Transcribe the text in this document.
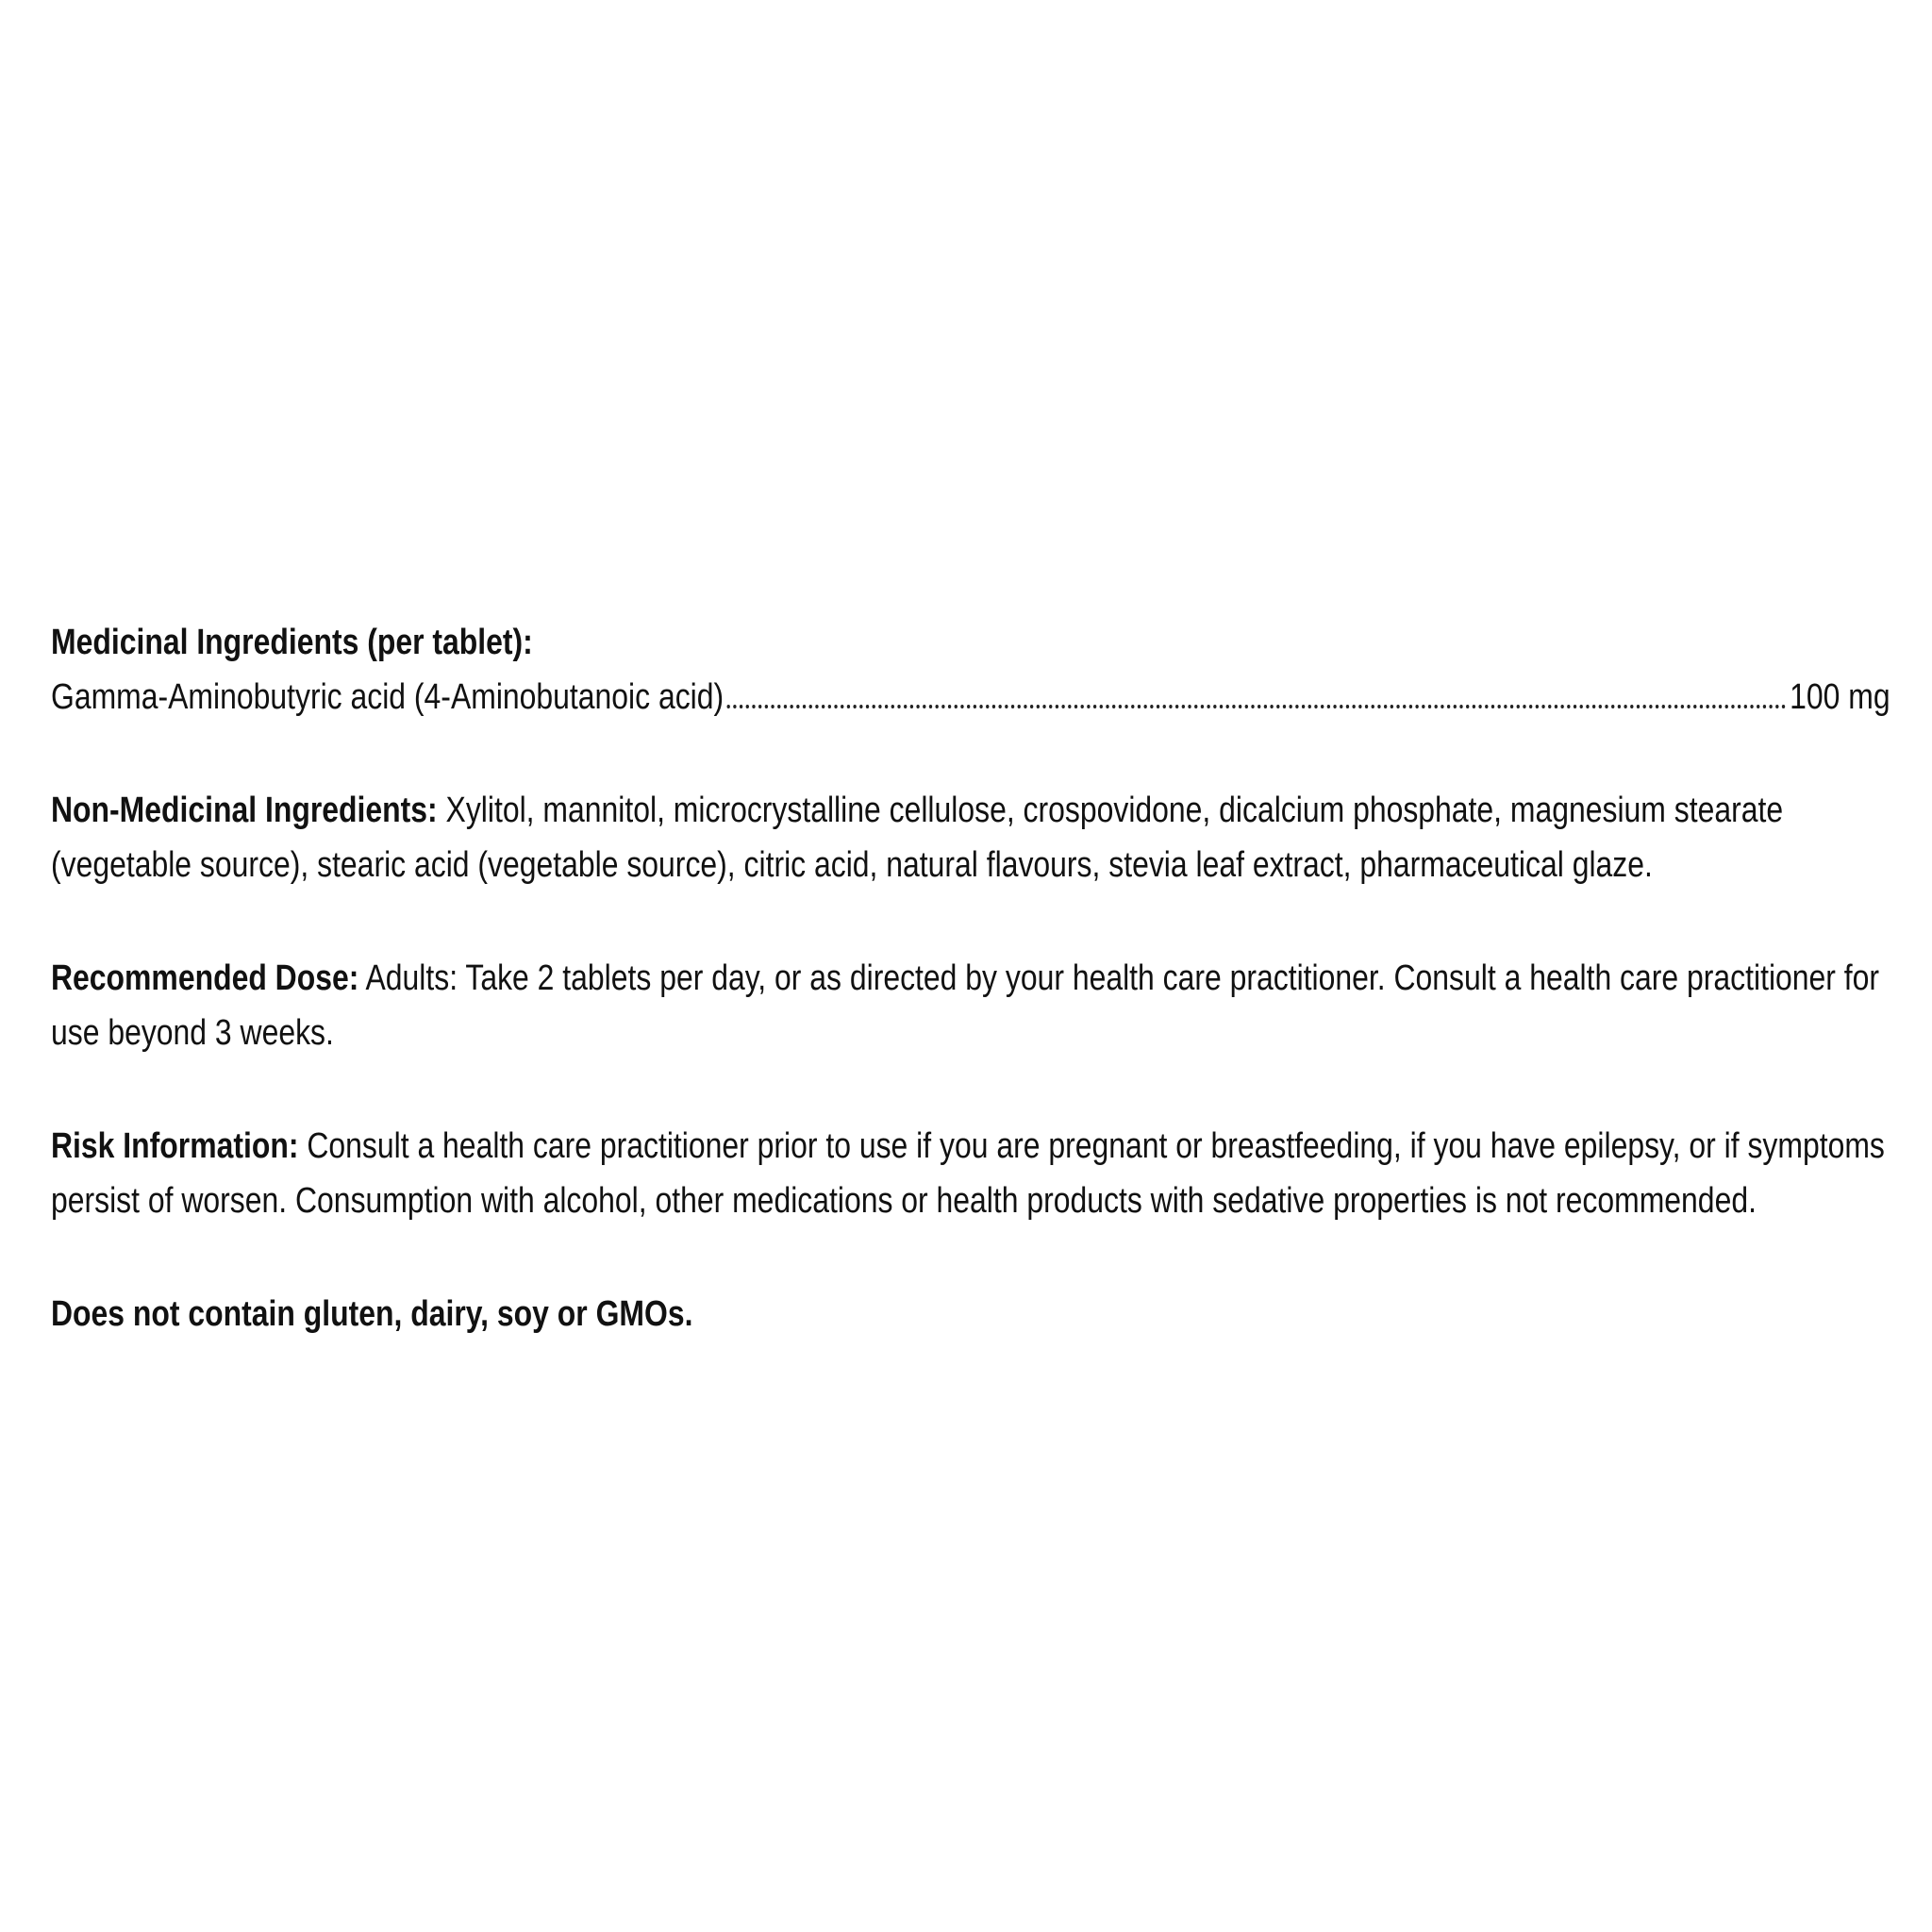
Medicinal Ingredients (per tablet):
Gamma-Aminobutyric acid (4-Aminobutanoic acid)	100 mg
Non-Medicinal Ingredients: Xylitol, mannitol, microcrystalline cellulose, crospovidone, dicalcium phosphate, magnesium stearate (vegetable source), stearic acid (vegetable source), citric acid, natural flavours, stevia leaf extract, pharmaceutical glaze.
Recommended Dose: Adults: Take 2 tablets per day, or as directed by your health care practitioner. Consult a health care practitioner for use beyond 3 weeks.
Risk Information: Consult a health care practitioner prior to use if you are pregnant or breastfeeding, if you have epilepsy, or if symptoms persist of worsen. Consumption with alcohol, other medications or health products with sedative properties is not recommended.
Does not contain gluten, dairy, soy or GMOs.
